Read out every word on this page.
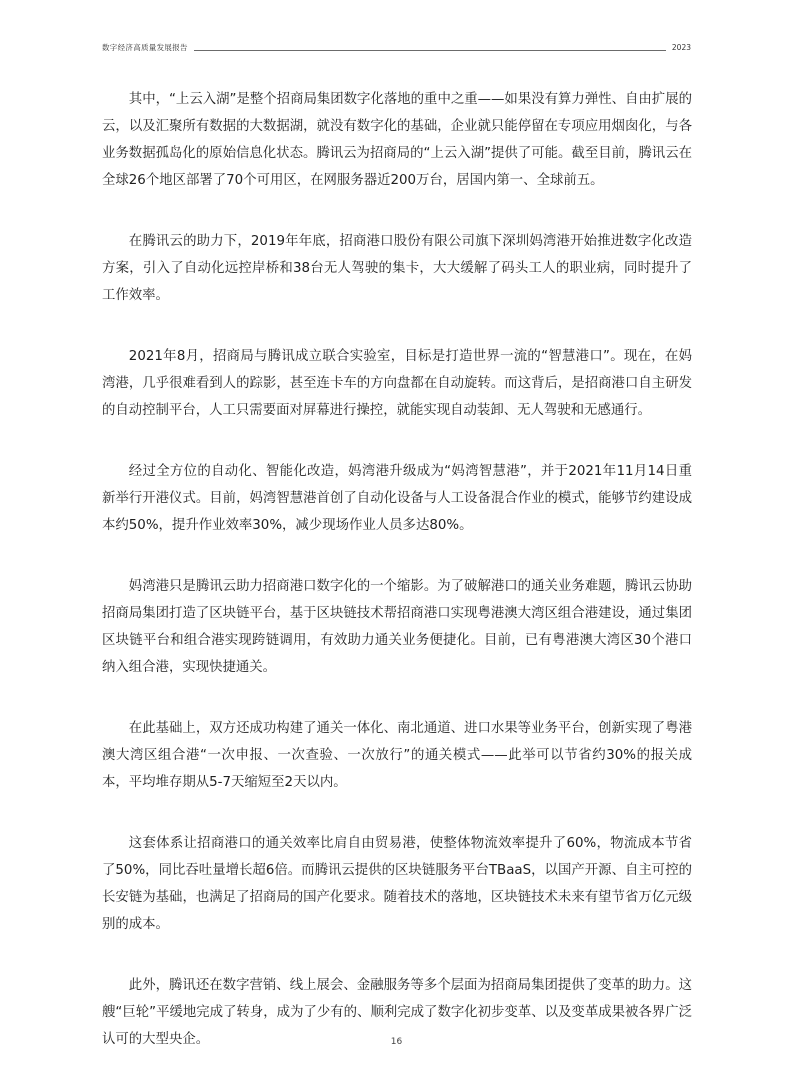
数字经济高质量发展报告	2023

其中，“上云入湖”是整个招商局集团数字化落地的重中之重——如果没有算力弹性、自由扩展的云，以及汇聚所有数据的大数据湖，就没有数字化的基础，企业就只能停留在专项应用烟囱化，与各业务数据孤岛化的原始信息化状态。腾讯云为招商局的“上云入湖”提供了可能。截至目前，腾讯云在全球26个地区部署了70个可用区，在网服务器近200万台，居国内第一、全球前五。

在腾讯云的助力下，2019年年底，招商港口股份有限公司旗下深圳妈湾港开始推进数字化改造方案，引入了自动化远控岸桥和38台无人驾驶的集卡，大大缓解了码头工人的职业病，同时提升了工作效率。

2021年8月，招商局与腾讯成立联合实验室，目标是打造世界一流的“智慧港口”。现在，在妈湾港，几乎很难看到人的踪影，甚至连卡车的方向盘都在自动旋转。而这背后，是招商港口自主研发的自动控制平台，人工只需要面对屏幕进行操控，就能实现自动装卸、无人驾驶和无感通行。

经过全方位的自动化、智能化改造，妈湾港升级成为“妈湾智慧港”，并于2021年11月14日重新举行开港仪式。目前，妈湾智慧港首创了自动化设备与人工设备混合作业的模式，能够节约建设成本约50%，提升作业效率30%，减少现场作业人员多达80%。

妈湾港只是腾讯云助力招商港口数字化的一个缩影。为了破解港口的通关业务难题，腾讯云协助招商局集团打造了区块链平台，基于区块链技术帮招商港口实现粤港澳大湾区组合港建设，通过集团区块链平台和组合港实现跨链调用，有效助力通关业务便捷化。目前，已有粤港澳大湾区30个港口纳入组合港，实现快捷通关。

在此基础上，双方还成功构建了通关一体化、南北通道、进口水果等业务平台，创新实现了粤港澳大湾区组合港“一次申报、一次查验、一次放行”的通关模式——此举可以节省约30%的报关成本，平均堆存期从5-7天缩短至2天以内。

这套体系让招商港口的通关效率比肩自由贸易港，使整体物流效率提升了60%，物流成本节省了50%，同比吞吐量增长超6倍。而腾讯云提供的区块链服务平台TBaaS，以国产开源、自主可控的长安链为基础，也满足了招商局的国产化要求。随着技术的落地，区块链技术未来有望节省万亿元级别的成本。

此外，腾讯还在数字营销、线上展会、金融服务等多个层面为招商局集团提供了变革的助力。这艘“巨轮”平缓地完成了转身，成为了少有的、顺利完成了数字化初步变革、以及变革成果被各界广泛认可的大型央企。	16
